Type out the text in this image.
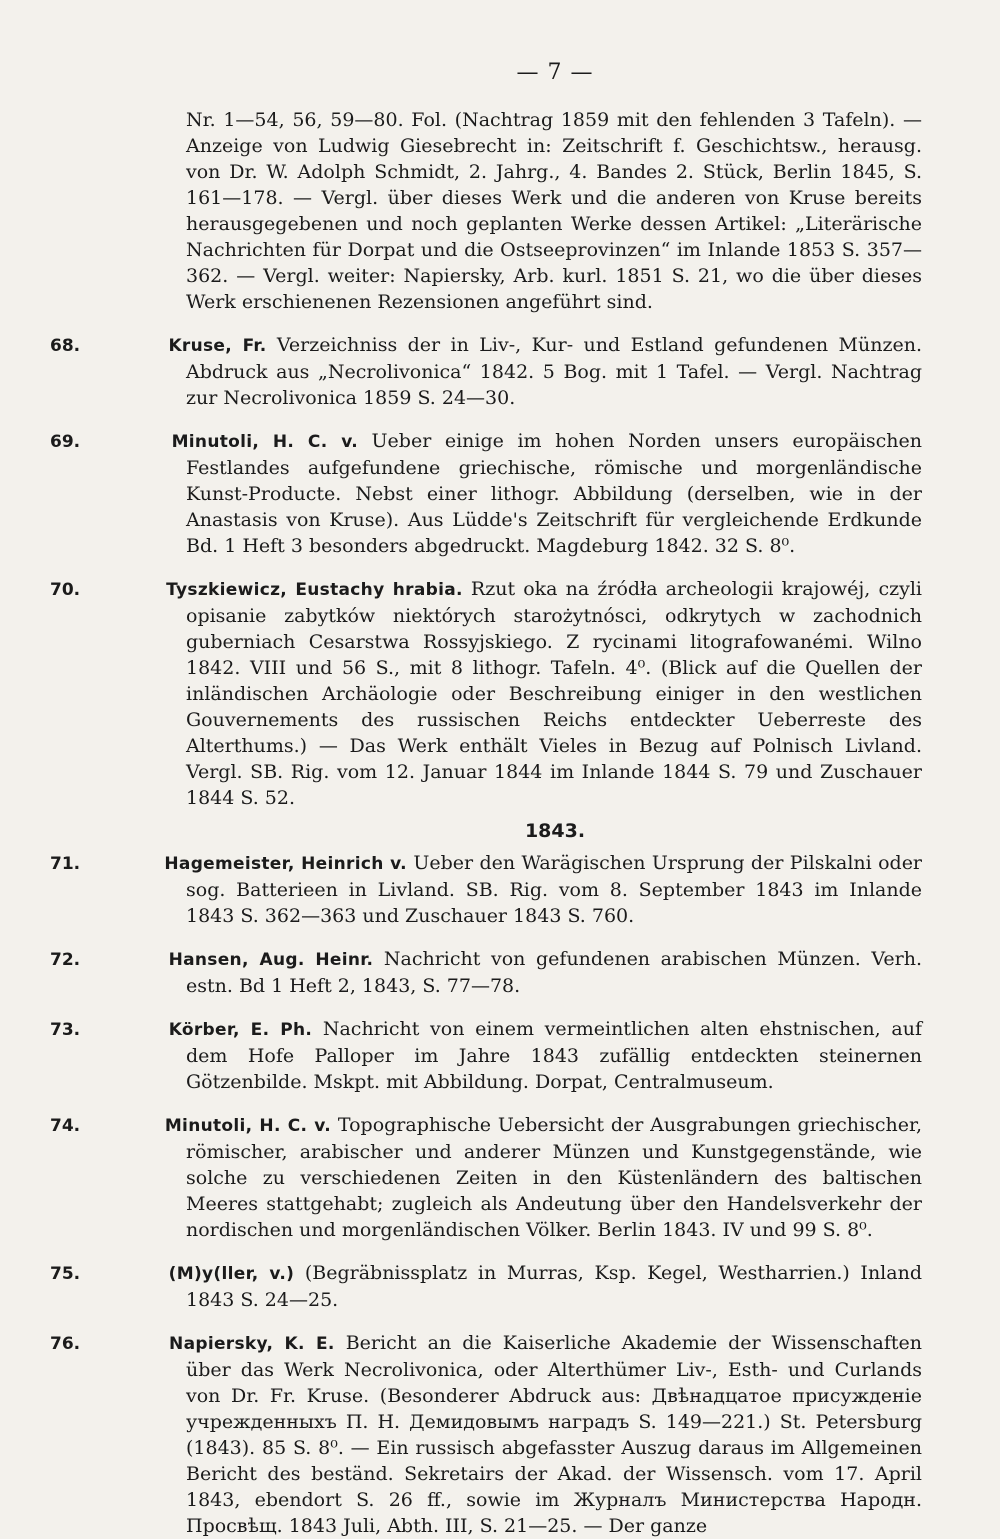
— 7 —
Nr. 1—54, 56, 59—80. Fol. (Nachtrag 1859 mit den fehlenden 3 Tafeln). — Anzeige von Ludwig Giesebrecht in: Zeitschrift f. Geschichtsw., herausg. von Dr. W. Adolph Schmidt, 2. Jahrg., 4. Bandes 2. Stück, Berlin 1845, S. 161—178. — Vergl. über dieses Werk und die anderen von Kruse bereits herausgegebenen und noch geplanten Werke dessen Artikel: „Literärische Nachrichten für Dorpat und die Ostseeprovinzen“ im Inlande 1853 S. 357—362. — Vergl. weiter: Napiersky, Arb. kurl. 1851 S. 21, wo die über dieses Werk erschienenen Rezensionen angeführt sind.
68.	Kruse, Fr. Verzeichniss der in Liv-, Kur- und Estland gefundenen Münzen. Abdruck aus „Necrolivonica“ 1842. 5 Bog. mit 1 Tafel. — Vergl. Nachtrag zur Necrolivonica 1859 S. 24—30.
69.	Minutoli, H. C. v. Ueber einige im hohen Norden unsers europäischen Festlandes aufgefundene griechische, römische und morgenländische Kunst-Producte. Nebst einer lithogr. Abbildung (derselben, wie in der Anastasis von Kruse). Aus Lüdde's Zeitschrift für vergleichende Erdkunde Bd. 1 Heft 3 besonders abgedruckt. Magdeburg 1842. 32 S. 8⁰.
70.	Tyszkiewicz, Eustachy hrabia. Rzut oka na źródła archeologii krajowéj, czyli opisanie zabytków niektórych starożytnósci, odkrytych w zachodnich guberniach Cesarstwa Rossyjskiego. Z rycinami litografowanémi. Wilno 1842. VIII und 56 S., mit 8 lithogr. Tafeln. 4⁰. (Blick auf die Quellen der inländischen Archäologie oder Beschreibung einiger in den westlichen Gouvernements des russischen Reichs entdeckter Ueberreste des Alterthums.) — Das Werk enthält Vieles in Bezug auf Polnisch Livland. Vergl. SB. Rig. vom 12. Januar 1844 im Inlande 1844 S. 79 und Zuschauer 1844 S. 52.
1843.
71.	Hagemeister, Heinrich v. Ueber den Warägischen Ursprung der Pilskalni oder sog. Batterieen in Livland. SB. Rig. vom 8. September 1843 im Inlande 1843 S. 362—363 und Zuschauer 1843 S. 760.
72.	Hansen, Aug. Heinr. Nachricht von gefundenen arabischen Münzen. Verh. estn. Bd 1 Heft 2, 1843, S. 77—78.
73.	Körber, E. Ph. Nachricht von einem vermeintlichen alten ehstnischen, auf dem Hofe Palloper im Jahre 1843 zufällig entdeckten steinernen Götzenbilde. Mskpt. mit Abbildung. Dorpat, Centralmuseum.
74.	Minutoli, H. C. v. Topographische Uebersicht der Ausgrabungen griechischer, römischer, arabischer und anderer Münzen und Kunstgegenstände, wie solche zu verschiedenen Zeiten in den Küstenländern des baltischen Meeres stattgehabt; zugleich als Andeutung über den Handelsverkehr der nordischen und morgenländischen Völker. Berlin 1843. IV und 99 S. 8⁰.
75.	(M)y(ller, v.) (Begräbnissplatz in Murras, Ksp. Kegel, Westharrien.) Inland 1843 S. 24—25.
76.	Napiersky, K. E. Bericht an die Kaiserliche Akademie der Wissenschaften über das Werk Necrolivonica, oder Alterthümer Liv-, Esth- und Curlands von Dr. Fr. Kruse. (Besonderer Abdruck aus: Двѣнадцатое присужденіе учрежденныхъ П. Н. Демидовымъ наградъ S. 149—221.) St. Petersburg (1843). 85 S. 8⁰. — Ein russisch abgefasster Auszug daraus im Allgemeinen Bericht des beständ. Sekretairs der Akad. der Wissensch. vom 17. April 1843, ebendort S. 26 ff., sowie im Журналъ Министерства Народн. Просвѣщ. 1843 Juli, Abth. III, S. 21—25. — Der ganze
